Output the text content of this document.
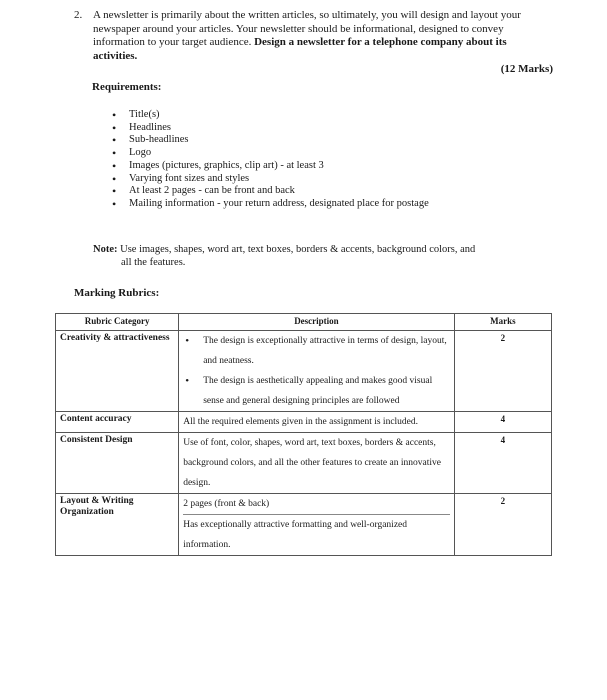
2. A newsletter is primarily about the written articles, so ultimately, you will design and layout your newspaper around your articles. Your newsletter should be informational, designed to convey information to your target audience. Design a newsletter for a telephone company about its activities.
(12 Marks)
Requirements:
• Title(s)
• Headlines
• Sub-headlines
• Logo
• Images (pictures, graphics, clip art) - at least 3
• Varying font sizes and styles
• At least 2 pages - can be front and back
• Mailing information - your return address, designated place for postage
Note: Use images, shapes, word art, text boxes, borders & accents, background colors, and
all the features.
Marking Rubrics:
Rubric Category	Description	Marks
Creativity & attractiveness	• The design is exceptionally attractive in terms of design, layout, and neatness.
• The design is aesthetically appealing and makes good visual sense and general designing principles are followed	2
Content accuracy	All the required elements given in the assignment is included.	4
Consistent Design	Use of font, color, shapes, word art, text boxes, borders & accents, background colors, and all the other features to create an innovative design.	4
Layout & Writing Organization	2 pages (front & back)
Has exceptionally attractive formatting and well-organized information.	2
